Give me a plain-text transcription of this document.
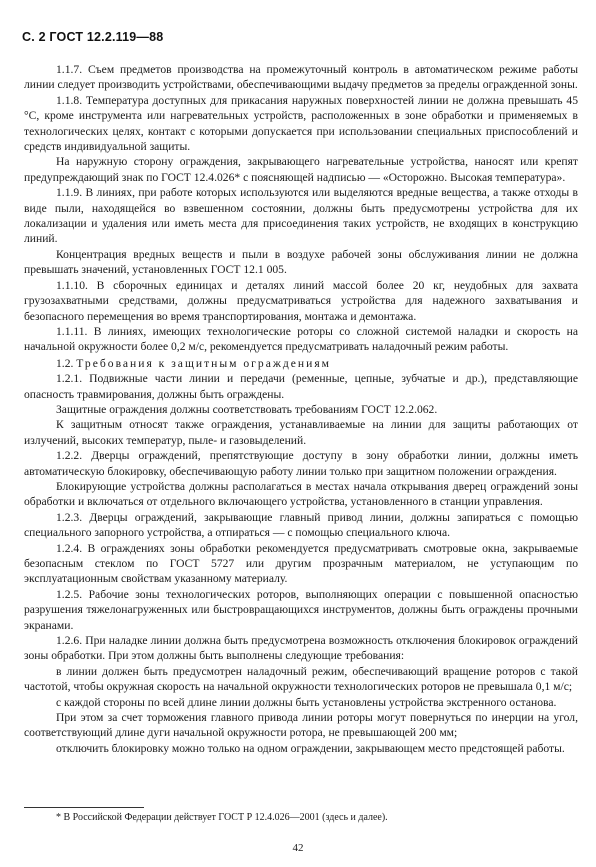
С. 2 ГОСТ 12.2.119—88

1.1.7. Съем предметов производства на промежуточный контроль в автоматическом режиме работы линии следует производить устройствами, обеспечивающими выдачу предметов за пределы огражденной зоны.

1.1.8. Температура доступных для прикасания наружных поверхностей линии не должна превышать 45 °С, кроме инструмента или нагревательных устройств, расположенных в зоне обработки и применяемых в технологических целях, контакт с которыми допускается при использовании специальных приспособлений и средств индивидуальной защиты.

На наружную сторону ограждения, закрывающего нагревательные устройства, наносят или крепят предупреждающий знак по ГОСТ 12.4.026* с поясняющей надписью — «Осторожно. Высокая температура».

1.1.9. В линиях, при работе которых используются или выделяются вредные вещества, а также отходы в виде пыли, находящейся во взвешенном состоянии, должны быть предусмотрены устройства для их локализации и удаления или иметь места для присоединения таких устройств, не входящих в конструкцию линий.

Концентрация вредных веществ и пыли в воздухе рабочей зоны обслуживания линии не должна превышать значений, установленных ГОСТ 12.1 005.

1.1.10. В сборочных единицах и деталях линий массой более 20 кг, неудобных для захвата грузозахватными средствами, должны предусматриваться устройства для надежного захватывания и безопасного перемещения во время транспортирования, монтажа и демонтажа.

1.1.11. В линиях, имеющих технологические роторы со сложной системой наладки и скорость на начальной окружности более 0,2 м/с, рекомендуется предусматривать наладочный режим работы.

1.2. Требования к защитным ограждениям

1.2.1. Подвижные части линии и передачи (ременные, цепные, зубчатые и др.), представляющие опасность травмирования, должны быть ограждены.

Защитные ограждения должны соответствовать требованиям ГОСТ 12.2.062.

К защитным относят также ограждения, устанавливаемые на линии для защиты работающих от излучений, высоких температур, пыле- и газовыделений.

1.2.2. Дверцы ограждений, препятствующие доступу в зону обработки линии, должны иметь автоматическую блокировку, обеспечивающую работу линии только при защитном положении ограждения.

Блокирующие устройства должны располагаться в местах начала открывания дверец ограждений зоны обработки и включаться от отдельного включающего устройства, установленного в станции управления.

1.2.3. Дверцы ограждений, закрывающие главный привод линии, должны запираться с помощью специального запорного устройства, а отпираться — с помощью специального ключа.

1.2.4. В ограждениях зоны обработки рекомендуется предусматривать смотровые окна, закрываемые безопасным стеклом по ГОСТ 5727 или другим прозрачным материалом, не уступающим по эксплуатационным свойствам указанному материалу.

1.2.5. Рабочие зоны технологических роторов, выполняющих операции с повышенной опасностью разрушения тяжелонагруженных или быстровращающихся инструментов, должны быть ограждены прочными экранами.

1.2.6. При наладке линии должна быть предусмотрена возможность отключения блокировок ограждений зоны обработки. При этом должны быть выполнены следующие требования:

в линии должен быть предусмотрен наладочный режим, обеспечивающий вращение роторов с такой частотой, чтобы окружная скорость на начальной окружности технологических роторов не превышала 0,1 м/с;

с каждой стороны по всей длине линии должны быть установлены устройства экстренного останова.

При этом за счет торможения главного привода линии роторы могут повернуться по инерции на угол, соответствующий длине дуги начальной окружности ротора, не превышающей 200 мм;

отключить блокировку можно только на одном ограждении, закрывающем место предстоящей работы.

* В Российской Федерации действует ГОСТ Р 12.4.026—2001 (здесь и далее).
42
